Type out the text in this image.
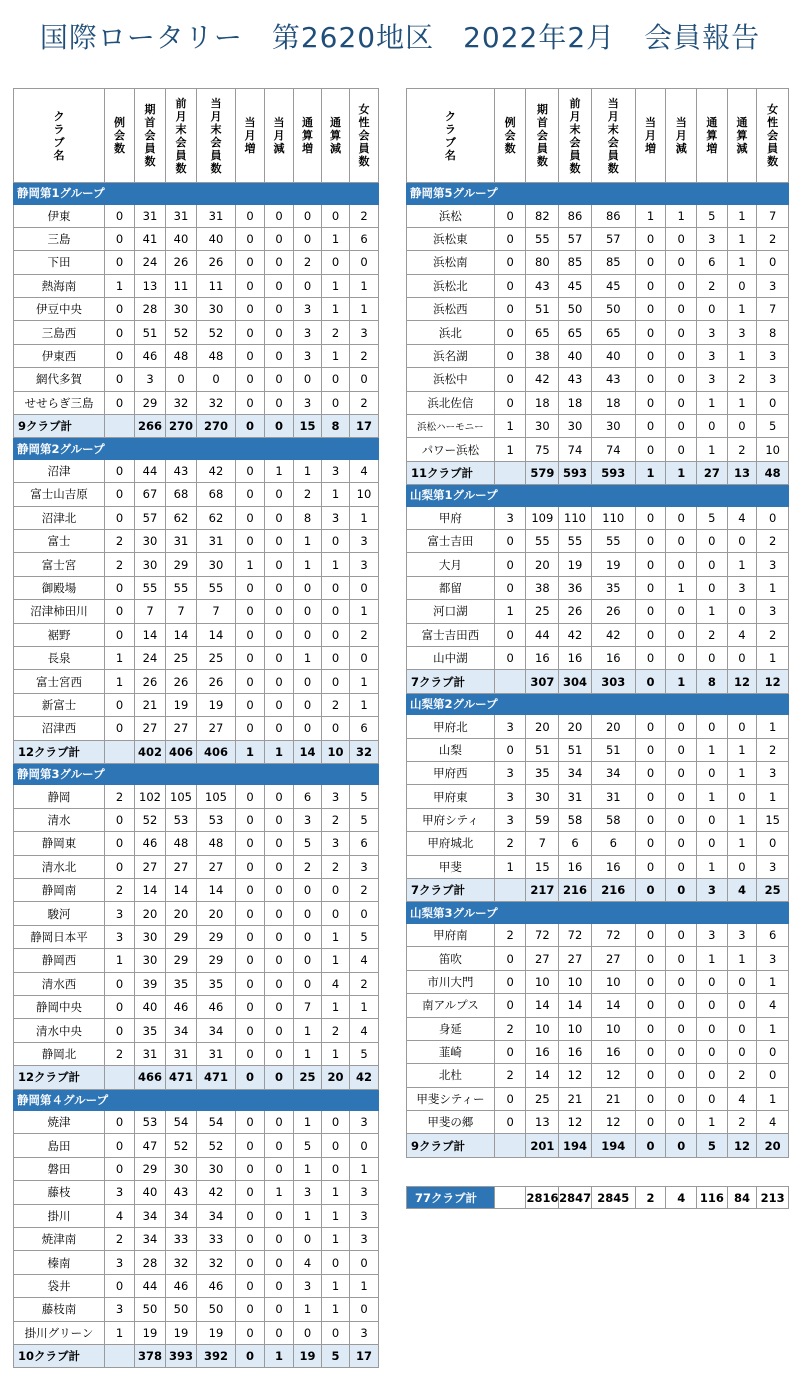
国際ロータリー　第2620地区　2022年2月　会員報告
クラブ名	例会数	期首会員数	前月末会員数	当月末会員数	当月増	当月減	通算増	通算減	女性会員数
静岡第1グループ									
伊東	0	31	31	31	0	0	0	0	2
三島	0	41	40	40	0	0	0	1	6
下田	0	24	26	26	0	0	2	0	0
熱海南	1	13	11	11	0	0	0	1	1
伊豆中央	0	28	30	30	0	0	3	1	1
三島西	0	51	52	52	0	0	3	2	3
伊東西	0	46	48	48	0	0	3	1	2
網代多賀	0	3	0	0	0	0	0	0	0
せせらぎ三島	0	29	32	32	0	0	3	0	2
9クラブ計		266	270	270	0	0	15	8	17
静岡第2グループ									
沼津	0	44	43	42	0	1	1	3	4
富士山吉原	0	67	68	68	0	0	2	1	10
沼津北	0	57	62	62	0	0	8	3	1
富士	2	30	31	31	0	0	1	0	3
富士宮	2	30	29	30	1	0	1	1	3
御殿場	0	55	55	55	0	0	0	0	0
沼津柿田川	0	7	7	7	0	0	0	0	1
裾野	0	14	14	14	0	0	0	0	2
長泉	1	24	25	25	0	0	1	0	0
富士宮西	1	26	26	26	0	0	0	0	1
新富士	0	21	19	19	0	0	0	2	1
沼津西	0	27	27	27	0	0	0	0	6
12クラブ計		402	406	406	1	1	14	10	32
静岡第3グループ									
静岡	2	102	105	105	0	0	6	3	5
清水	0	52	53	53	0	0	3	2	5
静岡東	0	46	48	48	0	0	5	3	6
清水北	0	27	27	27	0	0	2	2	3
静岡南	2	14	14	14	0	0	0	0	2
駿河	3	20	20	20	0	0	0	0	0
静岡日本平	3	30	29	29	0	0	0	1	5
静岡西	1	30	29	29	0	0	0	1	4
清水西	0	39	35	35	0	0	0	4	2
静岡中央	0	40	46	46	0	0	7	1	1
清水中央	0	35	34	34	0	0	1	2	4
静岡北	2	31	31	31	0	0	1	1	5
12クラブ計		466	471	471	0	0	25	20	42
静岡第４グループ									
焼津	0	53	54	54	0	0	1	0	3
島田	0	47	52	52	0	0	5	0	0
磐田	0	29	30	30	0	0	1	0	1
藤枝	3	40	43	42	0	1	3	1	3
掛川	4	34	34	34	0	0	1	1	3
焼津南	2	34	33	33	0	0	0	1	3
榛南	3	28	32	32	0	0	4	0	0
袋井	0	44	46	46	0	0	3	1	1
藤枝南	3	50	50	50	0	0	1	1	0
掛川グリーン	1	19	19	19	0	0	0	0	3
10クラブ計		378	393	392	0	1	19	5	17
クラブ名	例会数	期首会員数	前月末会員数	当月末会員数	当月増	当月減	通算増	通算減	女性会員数
静岡第5グループ									
浜松	0	82	86	86	1	1	5	1	7
浜松東	0	55	57	57	0	0	3	1	2
浜松南	0	80	85	85	0	0	6	1	0
浜松北	0	43	45	45	0	0	2	0	3
浜松西	0	51	50	50	0	0	0	1	7
浜北	0	65	65	65	0	0	3	3	8
浜名湖	0	38	40	40	0	0	3	1	3
浜松中	0	42	43	43	0	0	3	2	3
浜北佐信	0	18	18	18	0	0	1	1	0
浜松ハーモニー	1	30	30	30	0	0	0	0	5
パワー浜松	1	75	74	74	0	0	1	2	10
11クラブ計		579	593	593	1	1	27	13	48
山梨第1グループ									
甲府	3	109	110	110	0	0	5	4	0
富士吉田	0	55	55	55	0	0	0	0	2
大月	0	20	19	19	0	0	0	1	3
都留	0	38	36	35	0	1	0	3	1
河口湖	1	25	26	26	0	0	1	0	3
富士吉田西	0	44	42	42	0	0	2	4	2
山中湖	0	16	16	16	0	0	0	0	1
7クラブ計		307	304	303	0	1	8	12	12
山梨第2グループ									
甲府北	3	20	20	20	0	0	0	0	1
山梨	0	51	51	51	0	0	1	1	2
甲府西	3	35	34	34	0	0	0	1	3
甲府東	3	30	31	31	0	0	1	0	1
甲府シティ	3	59	58	58	0	0	0	1	15
甲府城北	2	7	6	6	0	0	0	1	0
甲斐	1	15	16	16	0	0	1	0	3
7クラブ計		217	216	216	0	0	3	4	25
山梨第3グループ									
甲府南	2	72	72	72	0	0	3	3	6
笛吹	0	27	27	27	0	0	1	1	3
市川大門	0	10	10	10	0	0	0	0	1
南アルプス	0	14	14	14	0	0	0	0	4
身延	2	10	10	10	0	0	0	0	1
韮崎	0	16	16	16	0	0	0	0	0
北杜	2	14	12	12	0	0	0	2	0
甲斐シティー	0	25	21	21	0	0	0	4	1
甲斐の郷	0	13	12	12	0	0	1	2	4
9クラブ計		201	194	194	0	0	5	12	20
77クラブ計		2816	2847	2845	2	4	116	84	213
